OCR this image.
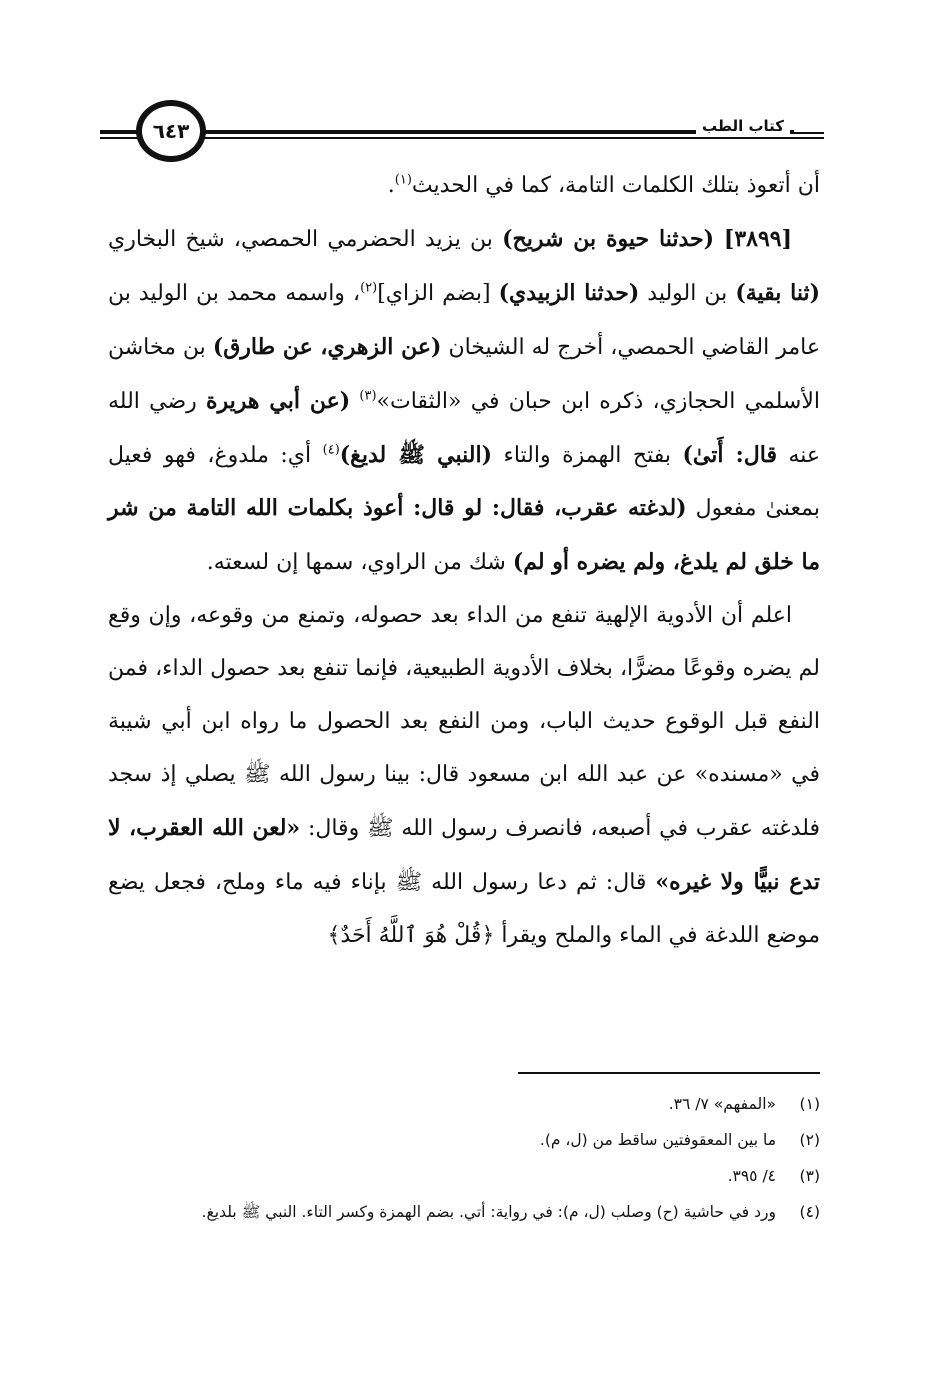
كتاب الطب
٦٤٣

أن أتعوذ بتلك الكلمات التامة، كما في الحديث$^{(١)}$.

[٣٨٩٩] (حدثنا حيوة بن شريح) بن يزيد الحضرمي الحمصي، شيخ البخاري (ثنا بقية) بن الوليد (حدثنا الزبيدي) [بضم الزاي]$^{(٢)}$، واسمه محمد بن الوليد بن عامر القاضي الحمصي، أخرج له الشيخان (عن الزهري، عن طارق) بن مخاشن الأسلمي الحجازي، ذكره ابن حبان في «الثقات»$^{(٣)}$ (عن أبي هريرة رضي الله عنه قال: أَتىٰ) بفتح الهمزة والتاء (النبي ﷺ لديغ)$^{(٤)}$ أي: ملدوغ، فهو فعيل بمعنىٰ مفعول (لدغته عقرب، فقال: لو قال: أعوذ بكلمات الله التامة من شر ما خلق لم يلدغ، ولم يضره أو لم) شك من الراوي، سمها إن لسعته.

اعلم أن الأدوية الإلهية تنفع من الداء بعد حصوله، وتمنع من وقوعه، وإن وقع لم يضره وقوعًا مضرًّا، بخلاف الأدوية الطبيعية، فإنما تنفع بعد حصول الداء، فمن النفع قبل الوقوع حديث الباب، ومن النفع بعد الحصول ما رواه ابن أبي شيبة في «مسنده» عن عبد الله ابن مسعود قال: بينا رسول الله ﷺ يصلي إذ سجد فلدغته عقرب في أصبعه، فانصرف رسول الله ﷺ وقال: «لعن الله العقرب، لا تدع نبيًّا ولا غيره» قال: ثم دعا رسول الله ﷺ بإناء فيه ماء وملح، فجعل يضع موضع اللدغة في الماء والملح ويقرأ ﴿قُلْ هُوَ ٱللَّهُ أَحَدٌ﴾

(١)
«المفهم» ٧/ ٣٦.
(٢)
ما بين المعقوفتين ساقط من (ل، م).
(٣)
٤/ ٣٩٥.
(٤)
ورد في حاشية (ح) وصلب (ل، م): في رواية: أتي. بضم الهمزة وكسر التاء. النبي ﷺ بلديغ.
